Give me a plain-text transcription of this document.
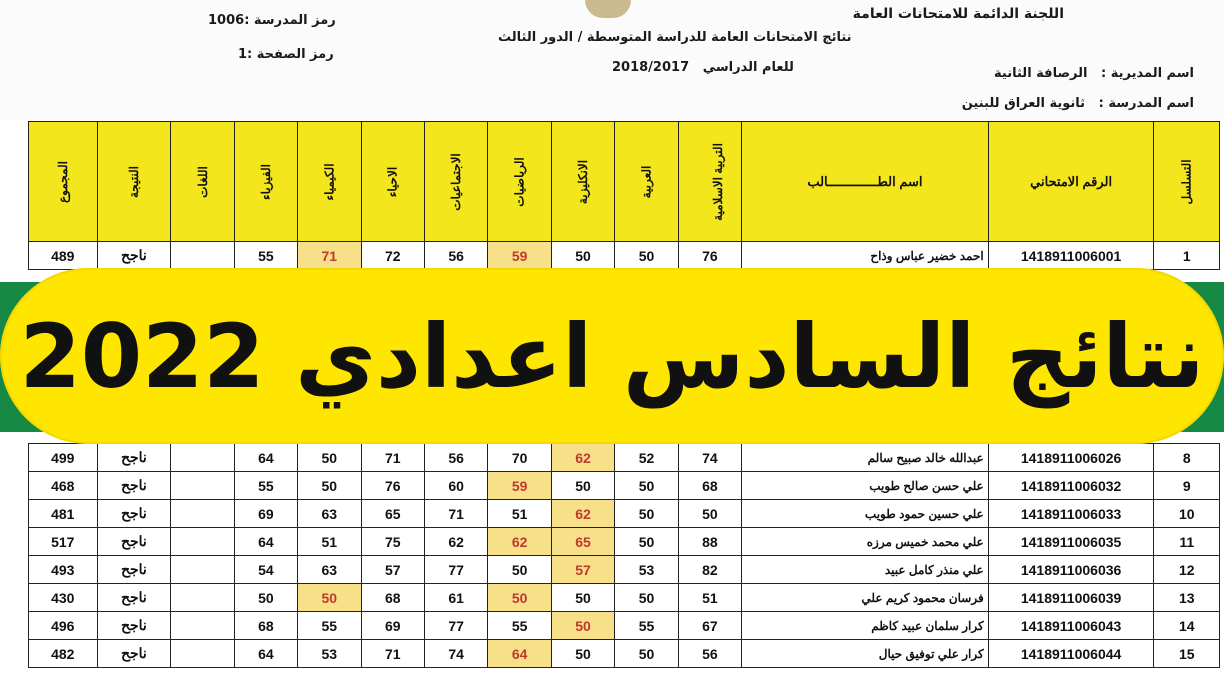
اللجنة الدائمة للامتحانات العامة
نتائج الامتحانات العامة للدراسة المتوسطة / الدور الثالث
2018/2017 للعام الدراسي	اسم المديرية :   الرصافة الثانية
اسم المدرسة :   ثانوية العراق للبنين
رمز المدرسة :1006
رمز الصفحة :1
المجموع	النتيجة	اللغات	الفيزياء	الكيمياء	الاحياء	الاجتماعيات	الرياضيات	الانكليزية	العربية	التربية الاسلامية	اسم الطـــــــــــــالب	الرقم الامتحاني	التسلسل
489	ناجح		55	71	72	56	59	50	50	76	احمد خضير عباس وذاح	1418911006001	1

499	ناجح		64	50	71	56	70	62	52	74	عبدالله خالد صبيح سالم	1418911006026	8
468	ناجح		55	50	76	60	59	50	50	68	علي حسن صالح طويب	1418911006032	9
481	ناجح		69	63	65	71	51	62	50	50	علي حسين حمود طويب	1418911006033	10
517	ناجح		64	51	75	62	62	65	50	88	علي محمد خميس مرزه	1418911006035	11
493	ناجح		54	63	57	77	50	57	53	82	علي منذر كامل عبيد	1418911006036	12
430	ناجح		50	50	68	61	50	50	50	51	فرسان محمود كريم علي	1418911006039	13
496	ناجح		68	55	69	77	55	50	55	67	كرار سلمان عبيد كاظم	1418911006043	14
482	ناجح		64	53	71	74	64	50	50	56	كرار علي توفيق حيال	1418911006044	15
نتائج السادس اعدادي 2022
